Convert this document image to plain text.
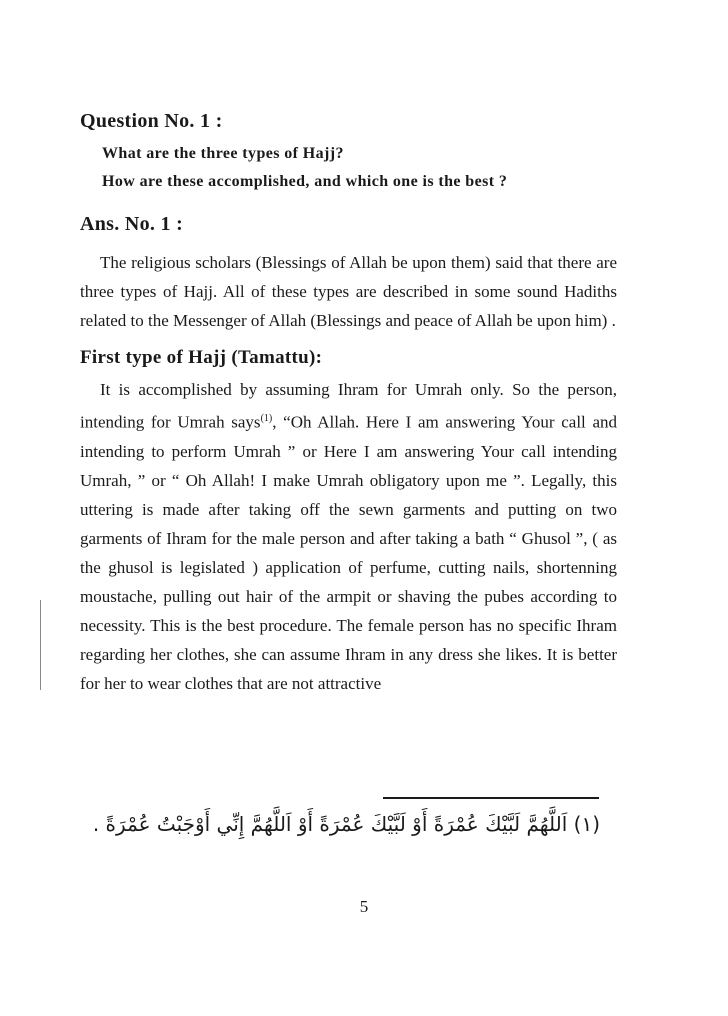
Question No. 1 :
What are the three types of Hajj?
How are these accomplished, and which one is the best ?
Ans. No. 1 :

The religious scholars (Blessings of Allah be upon them) said that there are three types of Hajj. All of these types are described in some sound Hadiths related to the Messenger of Allah (Blessings and peace of Allah be upon him) .

First type of Hajj (Tamattu):

It is accomplished by assuming Ihram for Umrah only. So the person, intending for Umrah says$^{(1)}$, “Oh Allah. Here I am answering Your call and intending to perform Umrah ” or Here I am answering Your call intending Umrah, ” or “ Oh Allah! I make Umrah obligatory upon me ”. Legally, this uttering is made after taking off the sewn garments and putting on two garments of Ihram for the male person and after taking a bath “ Ghusol ”, ( as the ghusol is legislated ) application of perfume, cutting nails, shortenning moustache, pulling out hair of the armpit or shaving the pubes according to necessity. This is the best procedure. The female person has no specific Ihram regarding her clothes, she can assume Ihram in any dress she likes. It is better for her to wear clothes that are not attractive

(١) اَللَّهُمَّ لَبَّيْكَ عُمْرَةً أَوْ لَبَّيْكَ عُمْرَةً أَوْ اَللَّهُمَّ إِنِّي أَوْجَبْتُ عُمْرَةً .
5
